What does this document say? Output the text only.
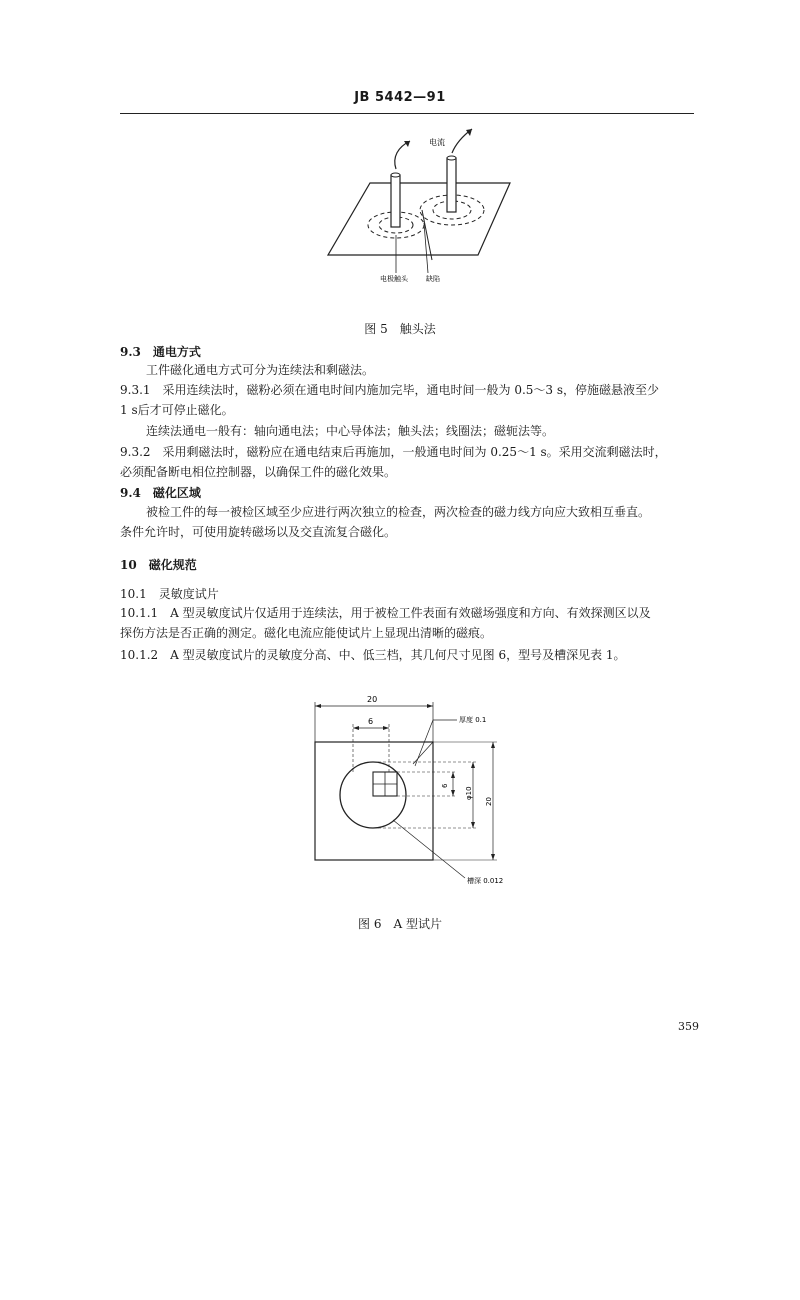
JB 5442—91
电流
电极触头	缺陷
图 5　触头法
9.3　通电方式
工件磁化通电方式可分为连续法和剩磁法。
9.3.1　采用连续法时，磁粉必须在通电时间内施加完毕，通电时间一般为 0.5～3 s，停施磁悬液至少
1 s后才可停止磁化。
连续法通电一般有：轴向通电法；中心导体法；触头法；线圈法；磁轭法等。
9.3.2　采用剩磁法时，磁粉应在通电结束后再施加，一般通电时间为 0.25～1 s。采用交流剩磁法时，
必须配备断电相位控制器，以确保工件的磁化效果。
9.4　磁化区域
被检工件的每一被检区域至少应进行两次独立的检查，两次检查的磁力线方向应大致相互垂直。
条件允许时，可使用旋转磁场以及交直流复合磁化。
10　磁化规范
10.1　灵敏度试片
10.1.1　A 型灵敏度试片仅适用于连续法，用于被检工件表面有效磁场强度和方向、有效探测区以及
探伤方法是否正确的测定。磁化电流应能使试片上显现出清晰的磁痕。
10.1.2　A 型灵敏度试片的灵敏度分高、中、低三档，其几何尺寸见图 6，型号及槽深见表 1。
20
6	厚度 0.1
6
φ10
20
槽深 0.012
图 6　A 型试片
359
